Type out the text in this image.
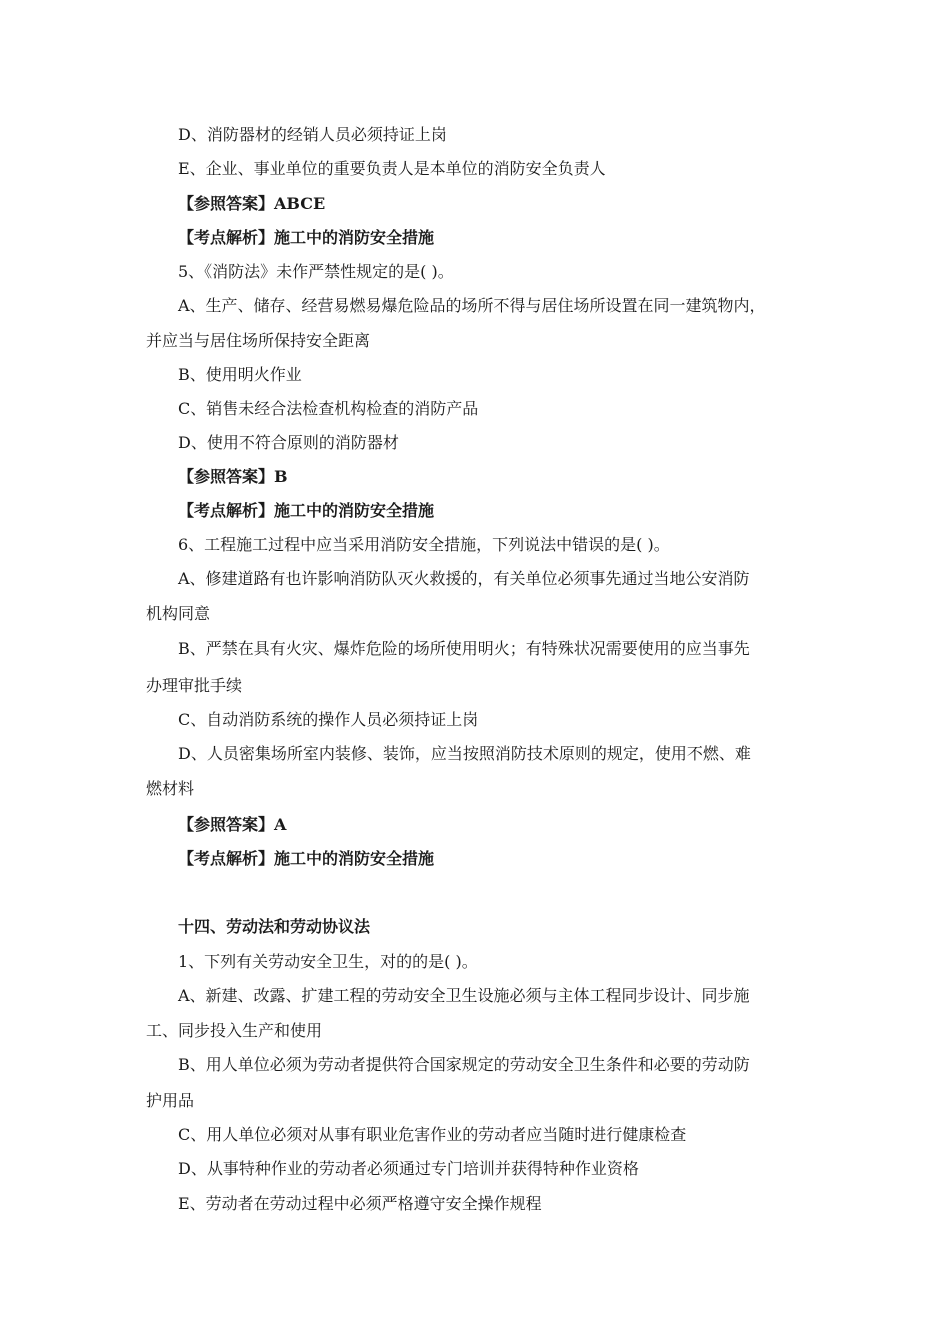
D、消防器材的经销人员必须持证上岗
E、企业、事业单位的重要负责人是本单位的消防安全负责人
【参照答案】ABCE
【考点解析】施工中的消防安全措施
5、《消防法》未作严禁性规定的是( )。
A、生产、储存、经营易燃易爆危险品的场所不得与居住场所设置在同一建筑物内，
并应当与居住场所保持安全距离
B、使用明火作业
C、销售未经合法检查机构检查的消防产品
D、使用不符合原则的消防器材
【参照答案】B
【考点解析】施工中的消防安全措施
6、工程施工过程中应当采用消防安全措施，下列说法中错误的是( )。
A、修建道路有也许影响消防队灭火救援的，有关单位必须事先通过当地公安消防
机构同意
B、严禁在具有火灾、爆炸危险的场所使用明火；有特殊状况需要使用的应当事先
办理审批手续
C、自动消防系统的操作人员必须持证上岗
D、人员密集场所室内装修、装饰，应当按照消防技术原则的规定，使用不燃、难
燃材料
【参照答案】A
【考点解析】施工中的消防安全措施
十四、劳动法和劳动协议法
1、下列有关劳动安全卫生，对的的是( )。
A、新建、改露、扩建工程的劳动安全卫生设施必须与主体工程同步设计、同步施
工、同步投入生产和使用
B、用人单位必须为劳动者提供符合国家规定的劳动安全卫生条件和必要的劳动防
护用品
C、用人单位必须对从事有职业危害作业的劳动者应当随时进行健康检查
D、从事特种作业的劳动者必须通过专门培训并获得特种作业资格
E、劳动者在劳动过程中必须严格遵守安全操作规程
